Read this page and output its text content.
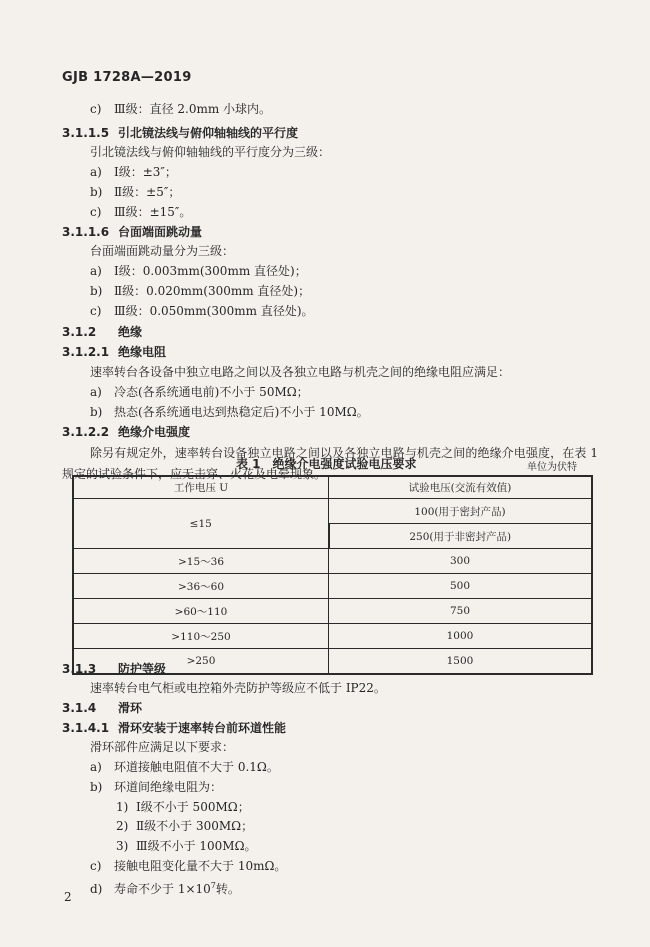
GJB 1728A—2019
c) Ⅲ级：直径 2.0mm 小球内。
3.1.1.5 引北镜法线与俯仰轴轴线的平行度
引北镜法线与俯仰轴轴线的平行度分为三级：
a) Ⅰ级：±3″；
b) Ⅱ级：±5″；
c) Ⅲ级：±15″。
3.1.1.6 台面端面跳动量
台面端面跳动量分为三级：
a) Ⅰ级：0.003mm(300mm 直径处)；
b) Ⅱ级：0.020mm(300mm 直径处)；
c) Ⅲ级：0.050mm(300mm 直径处)。
3.1.2 绝缘
3.1.2.1 绝缘电阻
速率转台各设备中独立电路之间以及各独立电路与机壳之间的绝缘电阻应满足：
a) 冷态(各系统通电前)不小于 50MΩ；
b) 热态(各系统通电达到热稳定后)不小于 10MΩ。
3.1.2.2 绝缘介电强度
除另有规定外，速率转台设备独立电路之间以及各独立电路与机壳之间的绝缘介电强度，在表 1 规定的试验条件下，应无击穿、火花及电晕现象。
表 1　绝缘介电强度试验电压要求	单位为伏特
工作电压 U	试验电压(交流有效值)
≤15	100(用于密封产品)
	250(用于非密封产品)
>15～36	300
>36～60	500
>60～110	750
>110～250	1000
>250	1500
3.1.3 防护等级
速率转台电气柜或电控箱外壳防护等级应不低于 IP22。
3.1.4 滑环
3.1.4.1 滑环安装于速率转台前环道性能
滑环部件应满足以下要求：
a) 环道接触电阻值不大于 0.1Ω。
b) 环道间绝缘电阻为：
1) Ⅰ级不小于 500MΩ；
2) Ⅱ级不小于 300MΩ；
3) Ⅲ级不小于 100MΩ。
c) 接触电阻变化量不大于 10mΩ。
d) 寿命不少于 $1\times 10^7$转。
2
